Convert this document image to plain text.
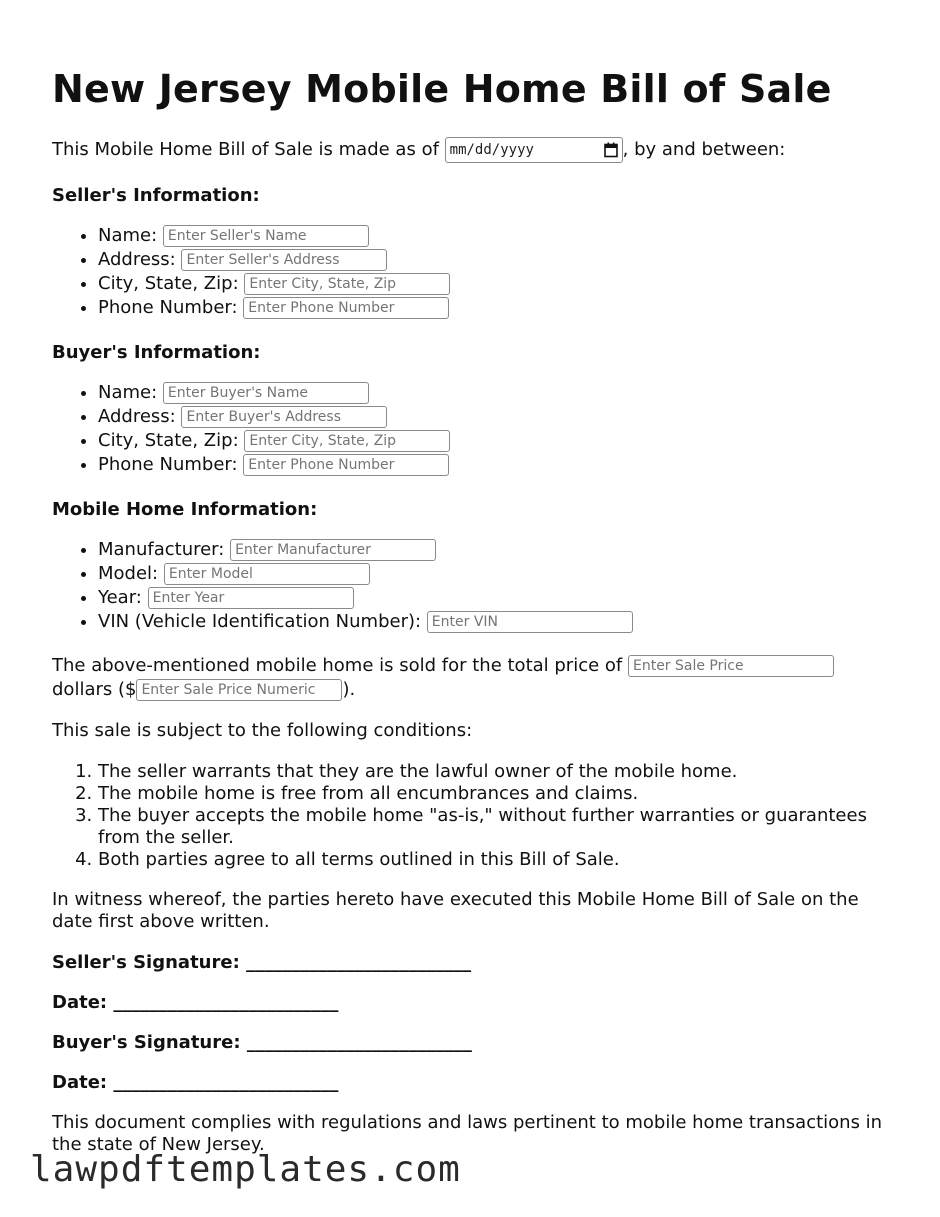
New Jersey Mobile Home Bill of Sale

This Mobile Home Bill of Sale is made as of mm/dd/yyyy	, by and between:

Seller's Information:

• Name: Enter Seller's Name
• Address: Enter Seller's Address
• City, State, Zip: Enter City, State, Zip
• Phone Number: Enter Phone Number

Buyer's Information:

• Name: Enter Buyer's Name
• Address: Enter Buyer's Address
• City, State, Zip: Enter City, State, Zip
• Phone Number: Enter Phone Number

Mobile Home Information:

• Manufacturer: Enter Manufacturer
• Model: Enter Model
• Year: Enter Year
• VIN (Vehicle Identification Number): Enter VIN

The above-mentioned mobile home is sold for the total price of Enter Sale Price dollars ($Enter Sale Price Numeric	).

This sale is subject to the following conditions:

1. The seller warrants that they are the lawful owner of the mobile home.
2. The mobile home is free from all encumbrances and claims.
3. The buyer accepts the mobile home "as-is," without further warranties or guarantees from the seller.
4. Both parties agree to all terms outlined in this Bill of Sale.

In witness whereof, the parties hereto have executed this Mobile Home Bill of Sale on the date first above written.

Seller's Signature: _________________________

Date: _________________________

Buyer's Signature: _________________________

Date: _________________________

This document complies with regulations and laws pertinent to mobile home transactions in the state of New Jersey.

lawpdftemplates.com
